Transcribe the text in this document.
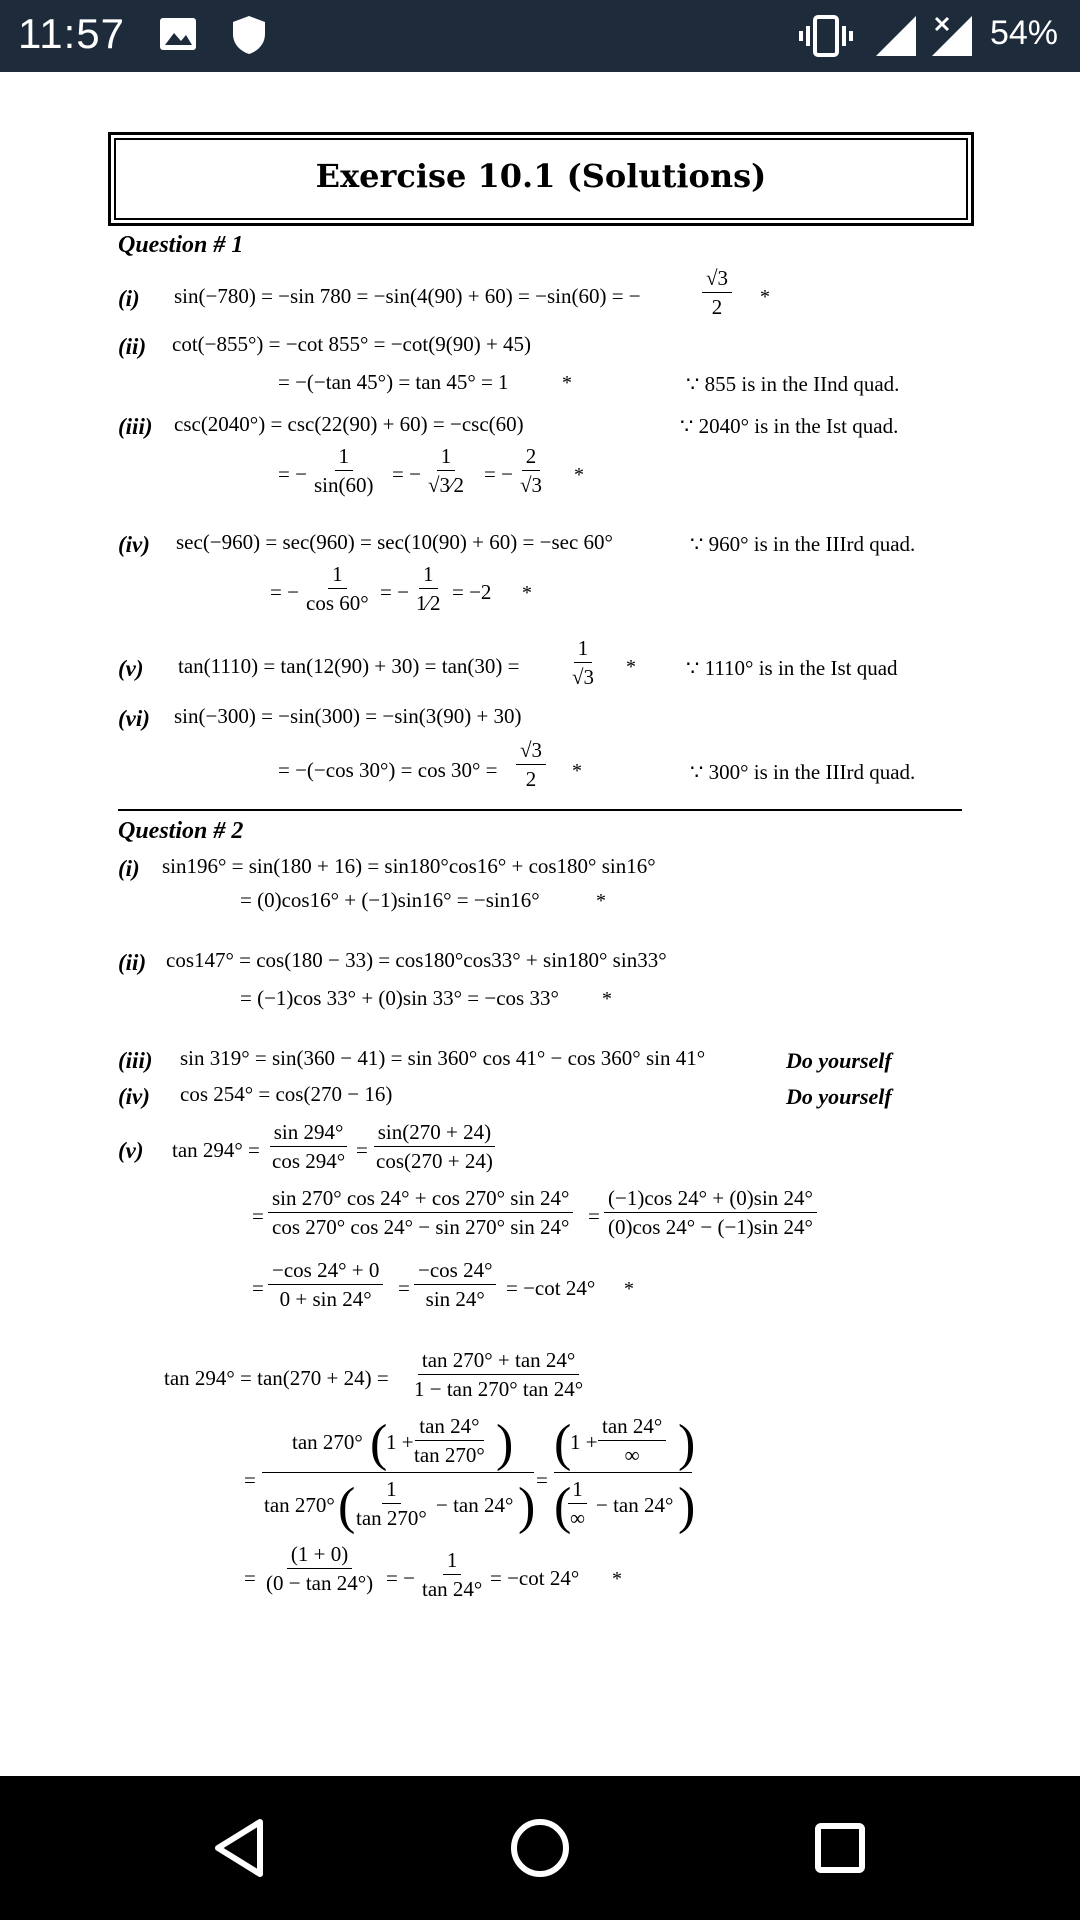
11:57	54%
Exercise 10.1 (Solutions)
Question # 1
(i) sin(−780) = −sin 780 = −sin(4(90) + 60) = −sin(60) = −	$\frac{√3}{2}$ *
(ii) cot(−855°) = −cot 855° = −cot(9(90) + 45)
= −(−tan 45°) = tan 45° = 1	*	∵ 855 is in the IInd quad.
(iii) csc(2040°) = csc(22(90) + 60) = −csc(60)	∵ 2040° is in the Ist quad.
= − $\frac{1}{\sin(60)}$ = − $\frac{1}{√3⁄2}$ = − $\frac{2}{√3}$ *
(iv) sec(−960) = sec(960) = sec(10(90) + 60) = −sec 60°	∵ 960° is in the IIIrd quad.
= − $\frac{1}{\cos 60^\circ}$ = − $\frac{1}{1⁄2} = -2$ *
(v) $\tan(1110) = \tan(12(90) + 30) = \tan(30) = \frac{1}{√3}$ * ∵ 1110° is in the Ist quad
(vi) sin(−300) = −sin(300) = −sin(3(90) + 30)
= −(−cos $30^\circ) = \cos 30^\circ = \frac{√3}{2}$ *	∵ 300° is in the IIIrd quad.
Question # 2
(i) sin196° = sin(180 + 16) = sin180°cos16° + cos180° sin16°
= (0)cos16° + (−1)sin16° = −sin16°	*
(ii) cos147° = cos(180 − 33) = cos180°cos33° + sin180° sin33°
= (−1)cos 33° + (0)sin 33° = −cos 33° *
(iii) sin 319° = sin(360 − 41) = sin 360° cos 41° − cos 360° sin 41°	Do yourself
(iv) cos 254° = cos(270 − 16)	Do yourself
(v) $\tan 294^\circ = \frac{\sin 294^\circ}{\cos 294^\circ} = \frac{\sin(270 + 24)}{\cos(270 + 24)}$
= $\frac{\sin 270^\circ \cos 24^\circ + \cos 270^\circ \sin 24^\circ}{\cos 270^\circ \cos 24^\circ - \sin 270^\circ \sin 24^\circ} = \frac{(-1)\cos 24^\circ + (0)\sin 24^\circ}{(0)\cos 24^\circ - (-1)\sin 24^\circ}$
= $\frac{-\cos 24^\circ + 0}{0 + \sin 24^\circ} = \frac{-\cos 24^\circ}{\sin 24^\circ} = -\cot$ 24° *
$\tan 294^\circ = \tan(270 + 24) = \frac{\tan 270^\circ + \tan 24^\circ}{1 - \tan 270^\circ \tan 24^\circ}$
=
tan 270° (
1 +
$\frac{\tan 24^\circ}{\tan 270^\circ}$ )
tan 270° (
$\frac{1}{\tan 270^\circ} - \tan 24^\circ$ ) =
(
1 +
tan 24°
∞ )
( 1
∞
− tan 24° )
= $\frac{(1 + 0)}{(0 - \tan 24^\circ)}$ = − $\frac{1}{\tan 24^\circ} = -\cot$ 24° *
